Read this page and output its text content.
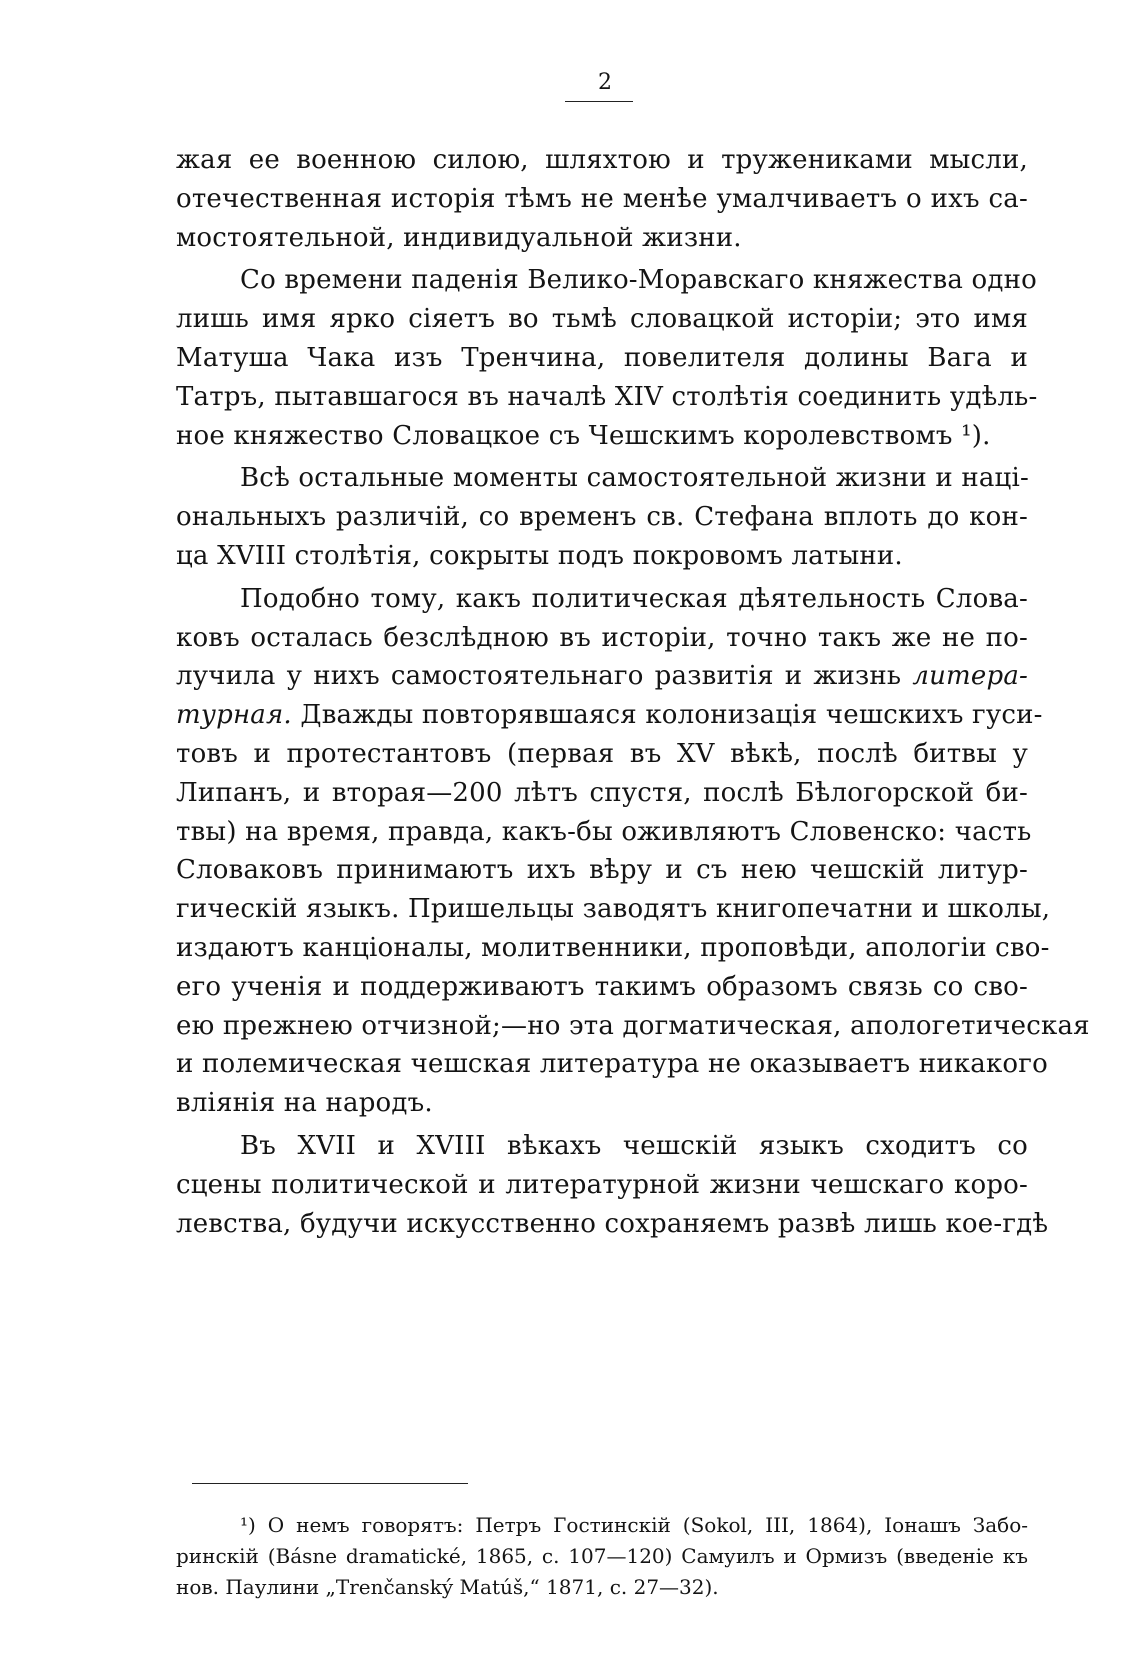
2
жая ее военною силою, шляхтою и тружениками мысли,
отечественная исторія тѣмъ не менѣе умалчиваетъ о ихъ са-
мостоятельной, индивидуальной жизни.
Со времени паденія Велико-Моравскаго княжества одно
лишь имя ярко сіяетъ во тьмѣ словацкой исторіи; это имя
Матуша Чака изъ Тренчина, повелителя долины Вага и
Татръ, пытавшагося въ началѣ XIV столѣтія соединить удѣль-
ное княжество Словацкое съ Чешскимъ королевствомъ ¹).
Всѣ остальные моменты самостоятельной жизни и наці-
ональныхъ различій, со временъ св. Стефана вплоть до кон-
ца XVIII столѣтія, сокрыты подъ покровомъ латыни.
Подобно тому, какъ политическая дѣятельность Слова-
ковъ осталась безслѣдною въ исторіи, точно такъ же не по-
лучила у нихъ самостоятельнаго развитія и жизнь литера-
турная. Дважды повторявшаяся колонизація чешскихъ гуси-
товъ и протестантовъ (первая въ XV вѣкѣ, послѣ битвы у
Липанъ, и вторая—200 лѣтъ спустя, послѣ Бѣлогорской би-
твы) на время, правда, какъ-бы оживляютъ Словенско: часть
Словаковъ принимаютъ ихъ вѣру и съ нею чешскій литур-
гическій языкъ. Пришельцы заводятъ книгопечатни и школы,
издаютъ канціоналы, молитвенники, проповѣди, апологіи сво-
его ученія и поддерживаютъ такимъ образомъ связь со сво-
ею прежнею отчизной;—но эта догматическая, апологетическая
и полемическая чешская литература не оказываетъ никакого
вліянія на народъ.
Въ XVII и XVIII вѣкахъ чешскій языкъ сходитъ со
сцены политической и литературной жизни чешскаго коро-
левства, будучи искусственно сохраняемъ развѣ лишь кое-гдѣ
¹) О немъ говорятъ: Петръ Гостинскій (Sokol, III, 1864), Іонашъ Забо-
ринскій (Básne dramatické, 1865, с. 107—120) Самуилъ и Ормизъ (введеніе къ
нов. Паулини „Trenčanský Matúš,“ 1871, с. 27—32).
